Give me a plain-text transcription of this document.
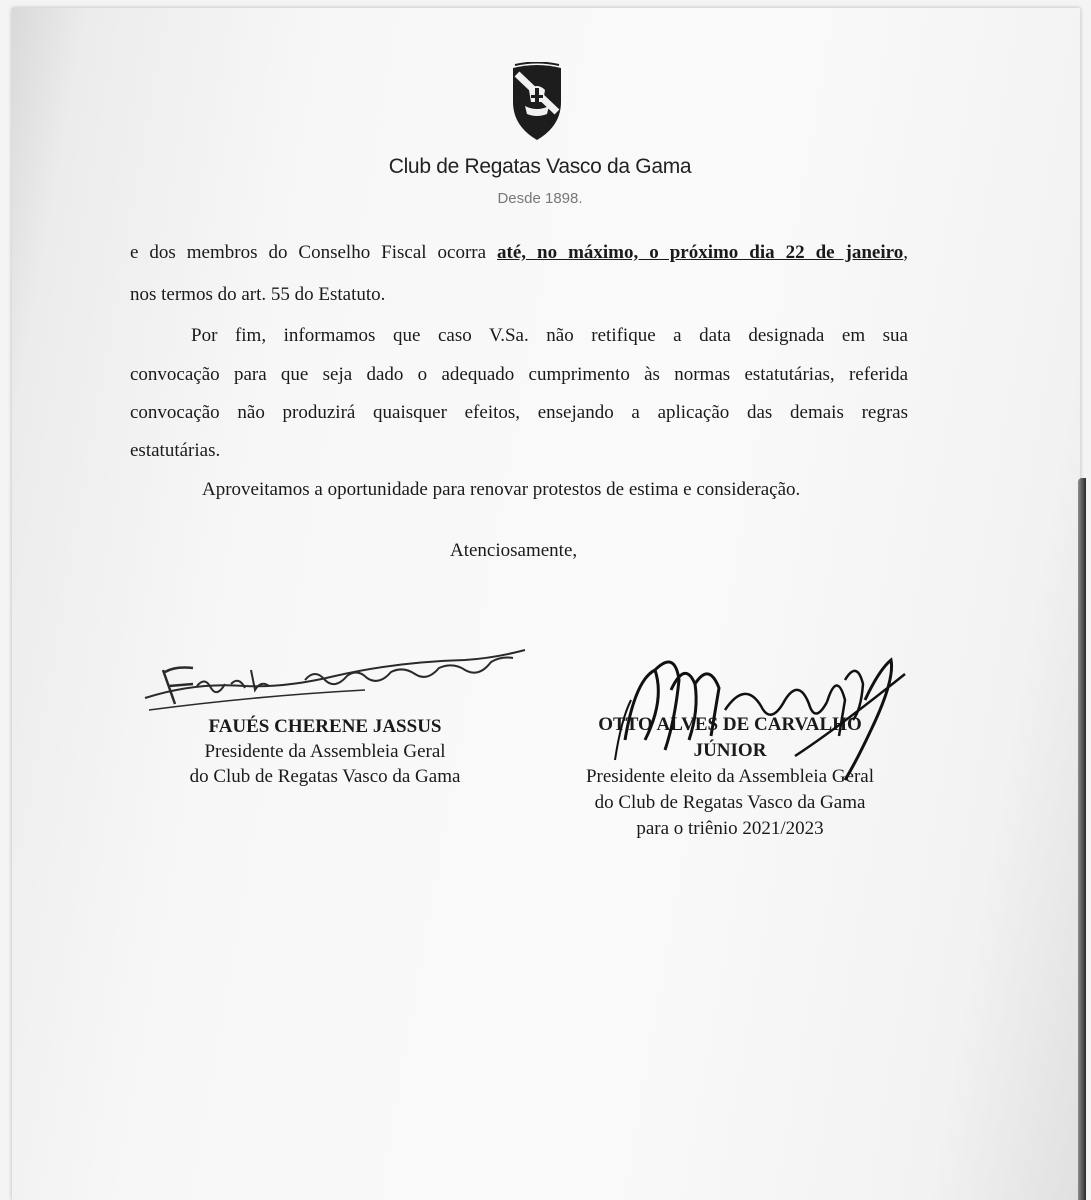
Club de Regatas Vasco da Gama
Desde 1898.
e dos membros do Conselho Fiscal ocorra até, no máximo, o próximo dia 22 de janeiro,
nos termos do art. 55 do Estatuto.
Por fim, informamos que caso V.Sa. não retifique a data designada em sua
convocação para que seja dado o adequado cumprimento às normas estatutárias, referida
convocação não produzirá quaisquer efeitos, ensejando a aplicação das demais regras
estatutárias.
Aproveitamos a oportunidade para renovar protestos de estima e consideração.
Atenciosamente,
FAUÉS CHERENE JASSUS
Presidente da Assembleia Geral
do Club de Regatas Vasco da Gama
OTTO ALVES DE CARVALHO
JÚNIOR
Presidente eleito da Assembleia Geral
do Club de Regatas Vasco da Gama
para o triênio 2021/2023
